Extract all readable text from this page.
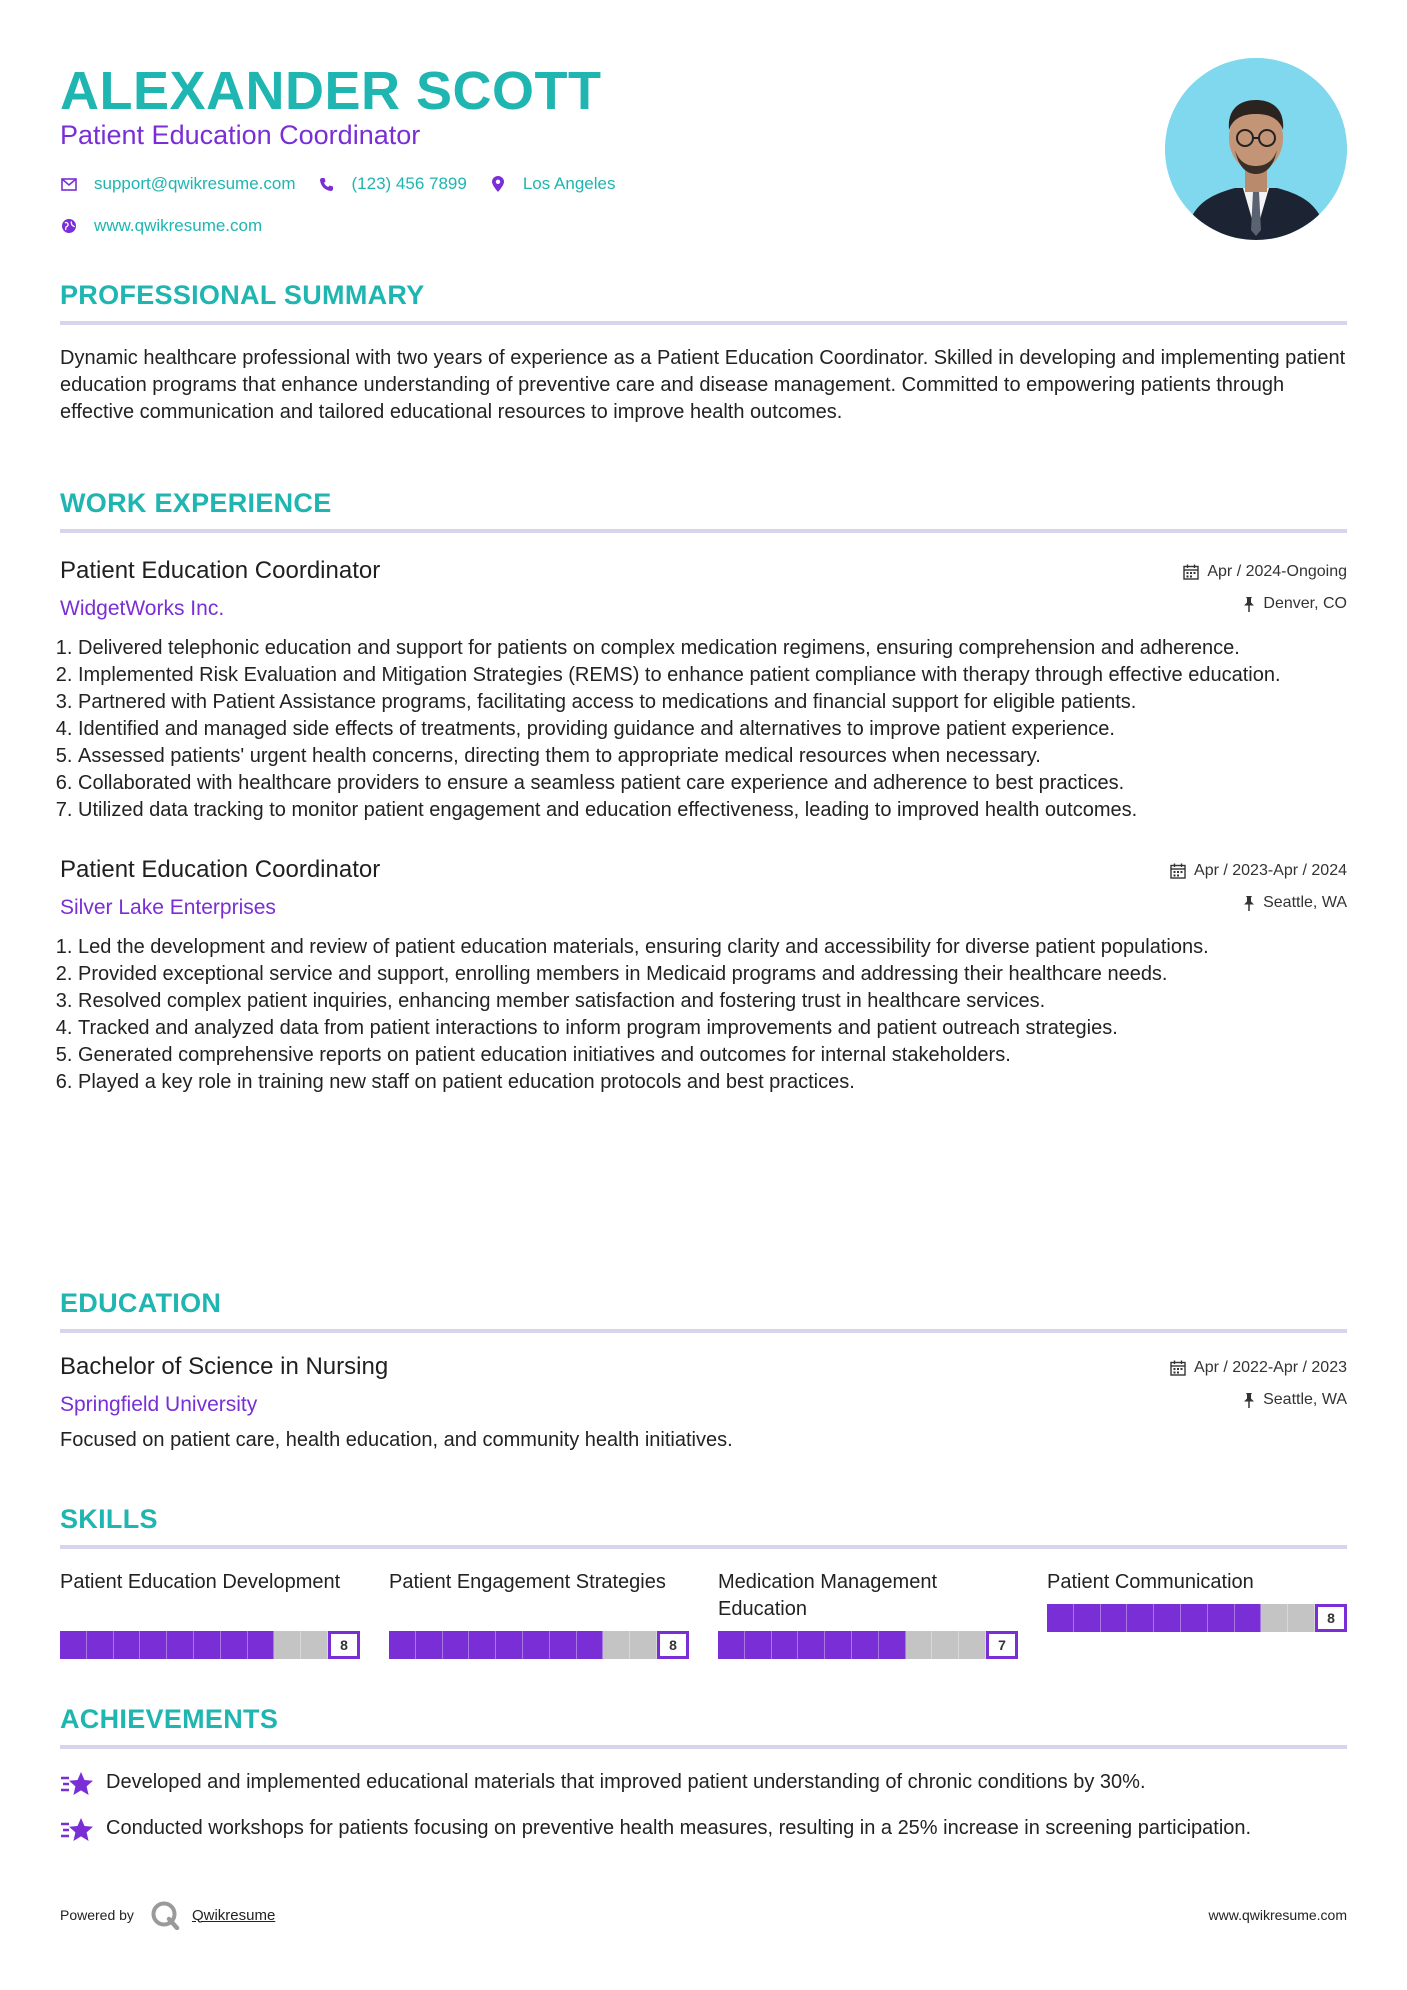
ALEXANDER SCOTT
Patient Education Coordinator
support@qwikresume.com	(123) 456 7899	Los Angeles
www.qwikresume.com
PROFESSIONAL SUMMARY

Dynamic healthcare professional with two years of experience as a Patient Education Coordinator. Skilled in developing and implementing patient education programs that enhance understanding of preventive care and disease management. Committed to empowering patients through effective communication and tailored educational resources to improve health outcomes.

WORK EXPERIENCE
Patient Education Coordinator
WidgetWorks Inc.
Apr / 2024-Ongoing
Denver, CO
1. Delivered telephonic education and support for patients on complex medication regimens, ensuring comprehension and adherence.
2. Implemented Risk Evaluation and Mitigation Strategies (REMS) to enhance patient compliance with therapy through effective education.
3. Partnered with Patient Assistance programs, facilitating access to medications and financial support for eligible patients.
4. Identified and managed side effects of treatments, providing guidance and alternatives to improve patient experience.
5. Assessed patients' urgent health concerns, directing them to appropriate medical resources when necessary.
6. Collaborated with healthcare providers to ensure a seamless patient care experience and adherence to best practices.
7. Utilized data tracking to monitor patient engagement and education effectiveness, leading to improved health outcomes.
Patient Education Coordinator
Silver Lake Enterprises
Apr / 2023-Apr / 2024
Seattle, WA
1. Led the development and review of patient education materials, ensuring clarity and accessibility for diverse patient populations.
2. Provided exceptional service and support, enrolling members in Medicaid programs and addressing their healthcare needs.
3. Resolved complex patient inquiries, enhancing member satisfaction and fostering trust in healthcare services.
4. Tracked and analyzed data from patient interactions to inform program improvements and patient outreach strategies.
5. Generated comprehensive reports on patient education initiatives and outcomes for internal stakeholders.
6. Played a key role in training new staff on patient education protocols and best practices.
EDUCATION
Bachelor of Science in Nursing
Springfield University
Apr / 2022-Apr / 2023
Seattle, WA
Focused on patient care, health education, and community health initiatives.
SKILLS
Patient Education Development
8
Patient Engagement Strategies
8
Medication Management Education
7
Patient Communication
8
ACHIEVEMENTS
Developed and implemented educational materials that improved patient understanding of chronic conditions by 30%.
Conducted workshops for patients focusing on preventive health measures, resulting in a 25% increase in screening participation.
Powered by	Qwikresume	www.qwikresume.com
